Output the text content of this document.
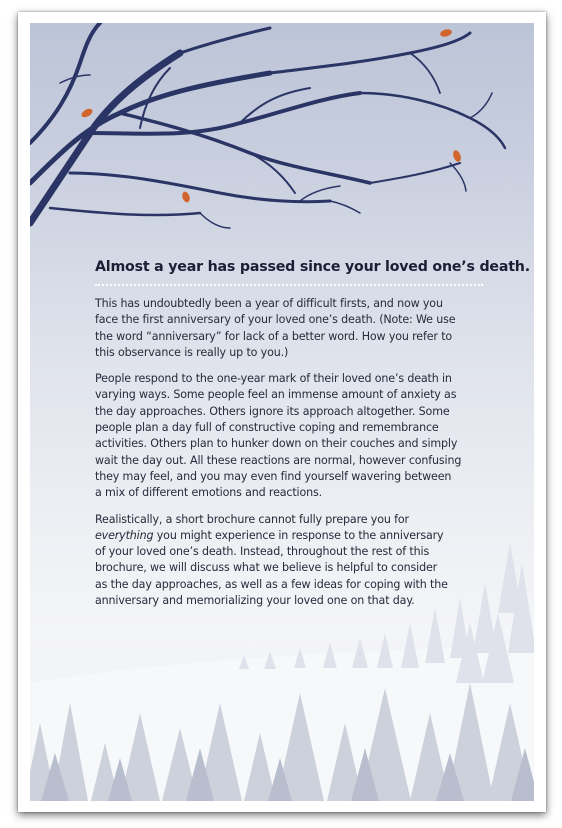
Almost a year has passed since your loved one’s death.

This has undoubtedly been a year of difficult firsts, and now you
face the first anniversary of your loved one’s death. (Note: We use
the word “anniversary” for lack of a better word. How you refer to
this observance is really up to you.)

People respond to the one-year mark of their loved one’s death in
varying ways. Some people feel an immense amount of anxiety as
the day approaches. Others ignore its approach altogether. Some
people plan a day full of constructive coping and remembrance
activities. Others plan to hunker down on their couches and simply
wait the day out. All these reactions are normal, however confusing
they may feel, and you may even find yourself wavering between
a mix of different emotions and reactions.

Realistically, a short brochure cannot fully prepare you for
everything you might experience in response to the anniversary
of your loved one’s death. Instead, throughout the rest of this
brochure, we will discuss what we believe is helpful to consider
as the day approaches, as well as a few ideas for coping with the
anniversary and memorializing your loved one on that day.
